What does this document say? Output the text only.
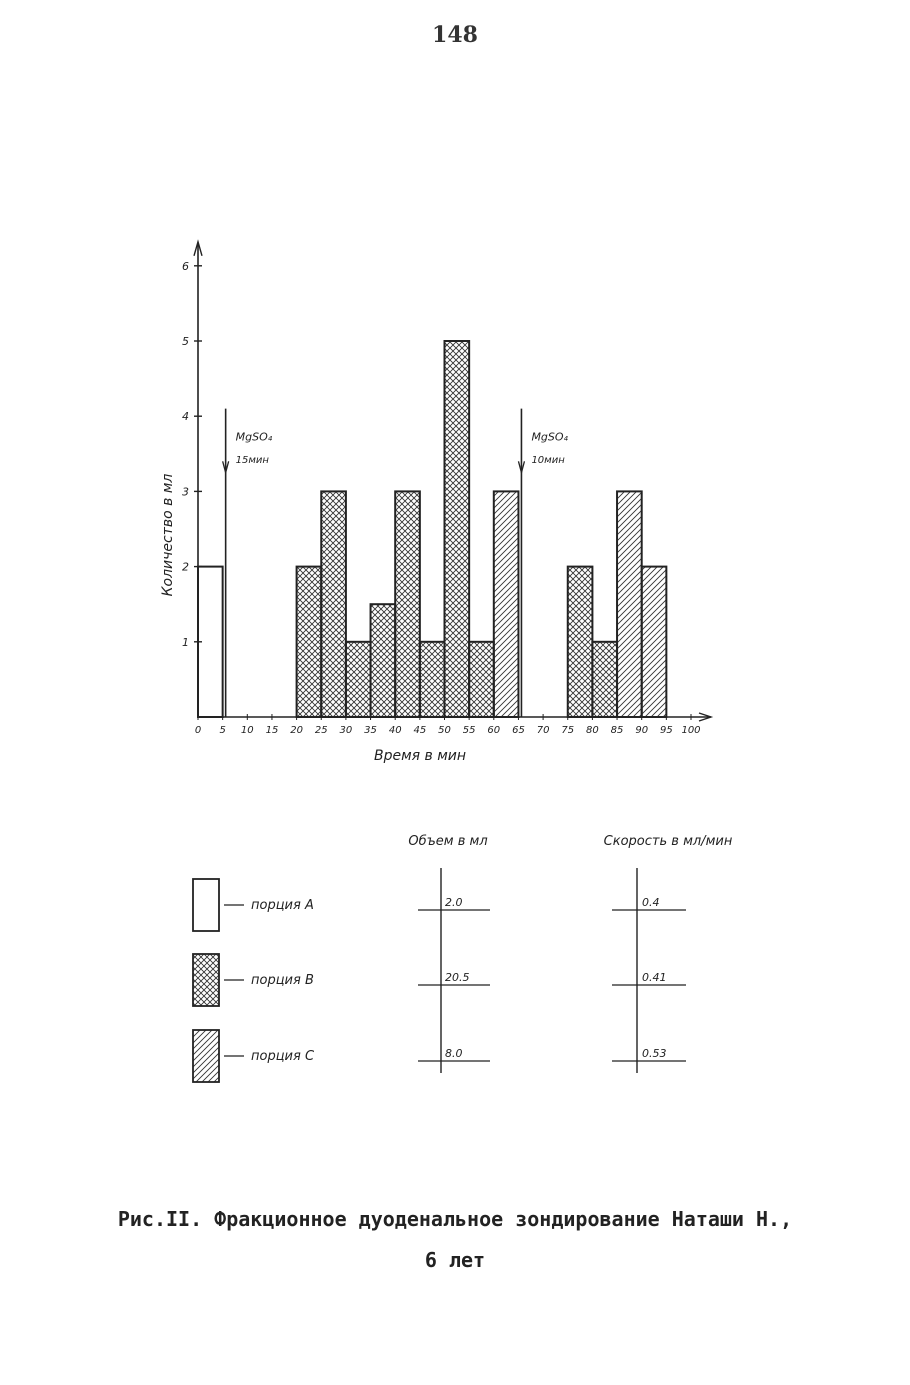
148
1
2
3
4
5
6
0 5 10 15 20 25 30 35 40 45 50 55 60 65 70 75 80 85 90 95 100
Время в мин
Количество в мл
MgSO₄
15мин
MgSO₄
10мин
Объем в мл	Скорость в мл/мин
порция А	2.0	0.4
порция В	20.5	0.41
порция С	8.0	0.53
Рис.II. Фракционное дуоденальное зондирование Наташи Н.,
6 лет
